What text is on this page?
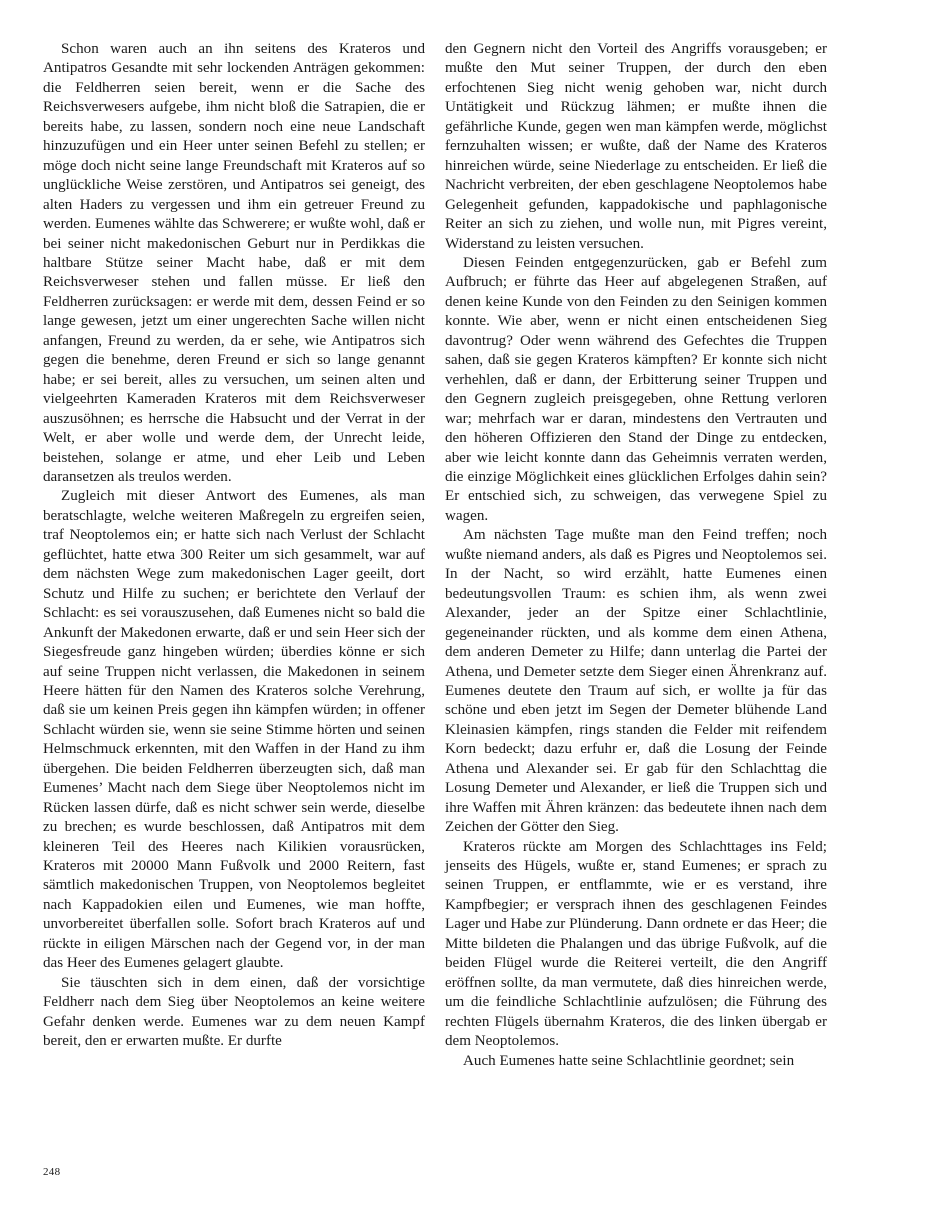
Schon waren auch an ihn seitens des Krateros und Antipatros Gesandte mit sehr lockenden Anträgen gekommen: die Feldherren seien bereit, wenn er die Sache des Reichsverwesers aufgebe, ihm nicht bloß die Satrapien, die er bereits habe, zu lassen, sondern noch eine neue Landschaft hinzuzufügen und ein Heer unter seinen Befehl zu stellen; er möge doch nicht seine lange Freundschaft mit Krateros auf so unglückliche Weise zerstören, und Antipatros sei geneigt, des alten Haders zu vergessen und ihm ein getreuer Freund zu werden. Eumenes wählte das Schwerere; er wußte wohl, daß er bei seiner nicht makedonischen Geburt nur in Perdikkas die haltbare Stütze seiner Macht habe, daß er mit dem Reichsverweser stehen und fallen müsse. Er ließ den Feldherren zurücksagen: er werde mit dem, dessen Feind er so lange gewesen, jetzt um einer ungerechten Sache willen nicht anfangen, Freund zu werden, da er sehe, wie Antipatros sich gegen die benehme, deren Freund er sich so lange genannt habe; er sei bereit, alles zu versuchen, um seinen alten und vielgeehrten Kameraden Krateros mit dem Reichsverweser auszusöhnen; es herrsche die Habsucht und der Verrat in der Welt, er aber wolle und werde dem, der Unrecht leide, beistehen, solange er atme, und eher Leib und Leben daransetzen als treulos werden.

Zugleich mit dieser Antwort des Eumenes, als man beratschlagte, welche weiteren Maßregeln zu ergreifen seien, traf Neoptolemos ein; er hatte sich nach Verlust der Schlacht geflüchtet, hatte etwa 300 Reiter um sich gesammelt, war auf dem nächsten Wege zum makedonischen Lager geeilt, dort Schutz und Hilfe zu suchen; er berichtete den Verlauf der Schlacht: es sei vorauszusehen, daß Eumenes nicht so bald die Ankunft der Makedonen erwarte, daß er und sein Heer sich der Siegesfreude ganz hingeben würden; überdies könne er sich auf seine Truppen nicht verlassen, die Makedonen in seinem Heere hätten für den Namen des Krateros solche Verehrung, daß sie um keinen Preis gegen ihn kämpfen würden; in offener Schlacht würden sie, wenn sie seine Stimme hörten und seinen Helmschmuck erkennten, mit den Waffen in der Hand zu ihm übergehen. Die beiden Feldherren überzeugten sich, daß man Eumenes’ Macht nach dem Siege über Neoptolemos nicht im Rücken lassen dürfe, daß es nicht schwer sein werde, dieselbe zu brechen; es wurde beschlossen, daß Antipatros mit dem kleineren Teil des Heeres nach Kilikien vorausrücken, Krateros mit 20000 Mann Fußvolk und 2000 Reitern, fast sämtlich makedonischen Truppen, von Neoptolemos begleitet nach Kappadokien eilen und Eumenes, wie man hoffte, unvorbereitet überfallen solle. Sofort brach Krateros auf und rückte in eiligen Märschen nach der Gegend vor, in der man das Heer des Eumenes gelagert glaubte.

Sie täuschten sich in dem einen, daß der vorsichtige Feldherr nach dem Sieg über Neoptolemos an keine weitere Gefahr denken werde. Eumenes war zu dem neuen Kampf bereit, den er erwarten mußte. Er durfte

den Gegnern nicht den Vorteil des Angriffs vorausgeben; er mußte den Mut seiner Truppen, der durch den eben erfochtenen Sieg nicht wenig gehoben war, nicht durch Untätigkeit und Rückzug lähmen; er mußte ihnen die gefährliche Kunde, gegen wen man kämpfen werde, möglichst fernzuhalten wissen; er wußte, daß der Name des Krateros hinreichen würde, seine Niederlage zu entscheiden. Er ließ die Nachricht verbreiten, der eben geschlagene Neoptolemos habe Gelegenheit gefunden, kappadokische und paphlagonische Reiter an sich zu ziehen, und wolle nun, mit Pigres vereint, Widerstand zu leisten versuchen.

Diesen Feinden entgegenzurücken, gab er Befehl zum Aufbruch; er führte das Heer auf abgelegenen Straßen, auf denen keine Kunde von den Feinden zu den Seinigen kommen konnte. Wie aber, wenn er nicht einen entscheidenen Sieg davontrug? Oder wenn während des Gefechtes die Truppen sahen, daß sie gegen Krateros kämpften? Er konnte sich nicht verhehlen, daß er dann, der Erbitterung seiner Truppen und den Gegnern zugleich preisgegeben, ohne Rettung verloren war; mehrfach war er daran, mindestens den Vertrauten und den höheren Offizieren den Stand der Dinge zu entdecken, aber wie leicht konnte dann das Geheimnis verraten werden, die einzige Möglichkeit eines glücklichen Erfolges dahin sein? Er entschied sich, zu schweigen, das verwegene Spiel zu wagen.

Am nächsten Tage mußte man den Feind treffen; noch wußte niemand anders, als daß es Pigres und Neoptolemos sei. In der Nacht, so wird erzählt, hatte Eumenes einen bedeutungsvollen Traum: es schien ihm, als wenn zwei Alexander, jeder an der Spitze einer Schlachtlinie, gegeneinander rückten, und als komme dem einen Athena, dem anderen Demeter zu Hilfe; dann unterlag die Partei der Athena, und Demeter setzte dem Sieger einen Ährenkranz auf. Eumenes deutete den Traum auf sich, er wollte ja für das schöne und eben jetzt im Segen der Demeter blühende Land Kleinasien kämpfen, rings standen die Felder mit reifendem Korn bedeckt; dazu erfuhr er, daß die Losung der Feinde Athena und Alexander sei. Er gab für den Schlachttag die Losung Demeter und Alexander, er ließ die Truppen sich und ihre Waffen mit Ähren kränzen: das bedeutete ihnen nach dem Zeichen der Götter den Sieg.

Krateros rückte am Morgen des Schlachttages ins Feld; jenseits des Hügels, wußte er, stand Eumenes; er sprach zu seinen Truppen, er entflammte, wie er es verstand, ihre Kampfbegier; er versprach ihnen des geschlagenen Feindes Lager und Habe zur Plünderung. Dann ordnete er das Heer; die Mitte bildeten die Phalangen und das übrige Fußvolk, auf die beiden Flügel wurde die Reiterei verteilt, die den Angriff eröffnen sollte, da man vermutete, daß dies hinreichen werde, um die feindliche Schlachtlinie aufzulösen; die Führung des rechten Flügels übernahm Krateros, die des linken übergab er dem Neoptolemos.

Auch Eumenes hatte seine Schlachtlinie geordnet; sein

248
